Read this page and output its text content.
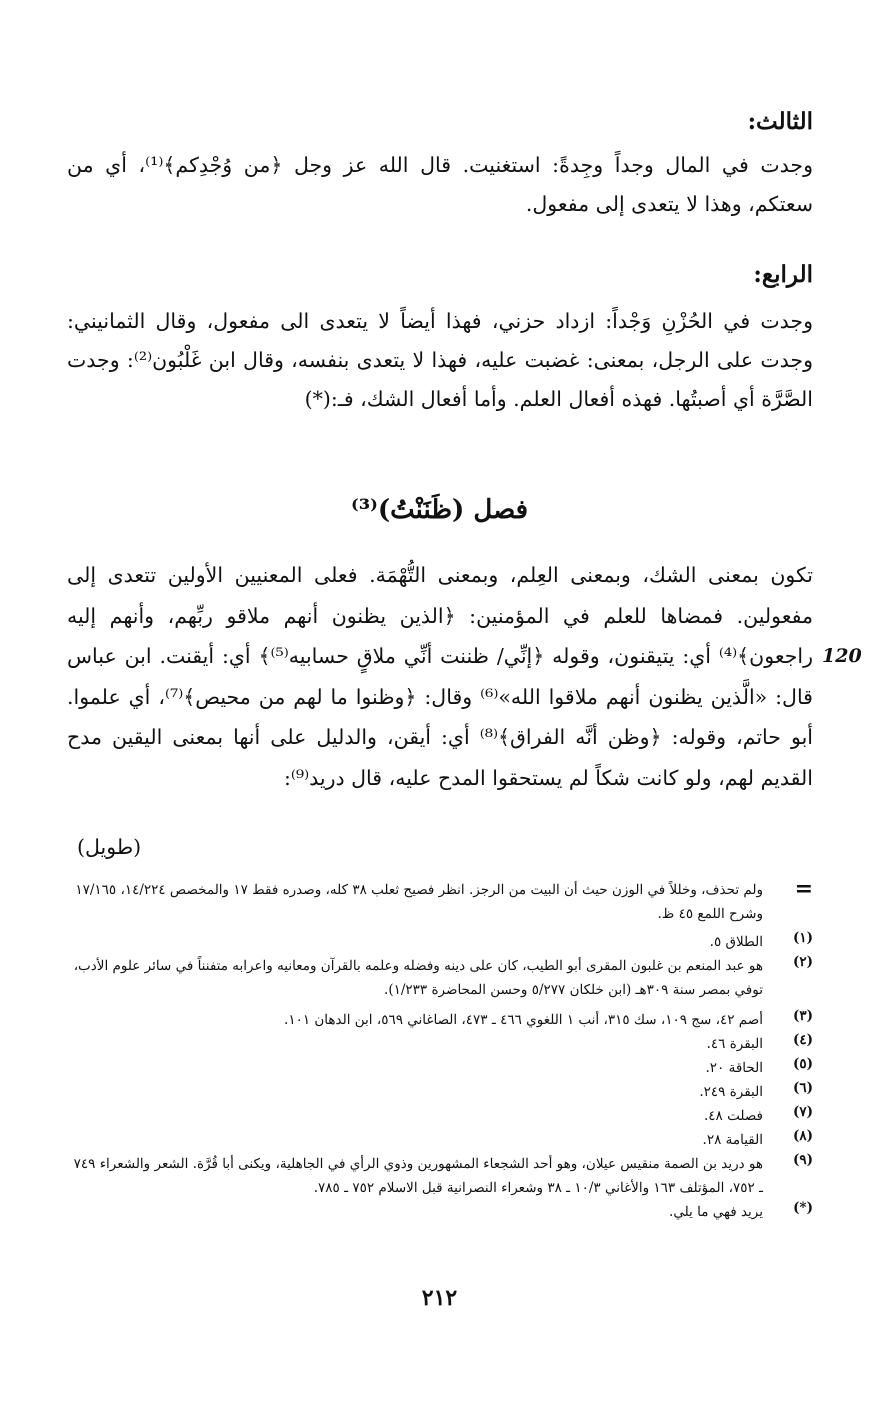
الثالث:
وجدت في المال وجداً وجِدةً: استغنيت. قال الله عز وجل ﴿من وُجْدِكم﴾⁽¹⁾، أي من سعتكم، وهذا لا يتعدى إلى مفعول.
الرابع:
وجدت في الحُزْنِ وَجْداً: ازداد حزني، فهذا أيضاً لا يتعدى الى مفعول، وقال الثمانيني: وجدت على الرجل، بمعنى: غضبت عليه، فهذا لا يتعدى بنفسه، وقال ابن غَلْبُون⁽²⁾: وجدت الصَّرَّة أي أصبتُها. فهذه أفعال العلم. وأما أفعال الشك، فـ:(*)
فصل (ظَنَنْتُ)⁽³⁾
تكون بمعنى الشك، وبمعنى العِلم، وبمعنى التُّهْمَة. فعلى المعنيين الأولين تتعدى إلى مفعولين. فمضاها للعلم في المؤمنين: ﴿الذين يظنون أنهم ملاقو ربِّهم، وأنهم إليه راجعون﴾⁽⁴⁾ أي: يتيقنون، وقوله ﴿إنِّي/ ظننت أنِّي ملاقٍ حسابيه⁽⁵⁾﴾ أي: أيقنت. ابن عباس قال: «الَّذين يظنون أنهم ملاقوا الله»⁽⁶⁾ وقال: ﴿وظنوا ما لهم من محيص﴾⁽⁷⁾، أي علموا. أبو حاتم، وقوله: ﴿وظن أنَّه الفراق﴾⁽⁸⁾ أي: أيقن، والدليل على أنها بمعنى اليقين مدح القديم لهم، ولو كانت شكاً لم يستحقوا المدح عليه، قال دريد⁽⁹⁾:
(طويل)
120
=
ولم تحذف، وخللاً في الوزن حيث أن البيت من الرجز. انظر فصيح ثعلب ٣٨ كله، وصدره فقط ١٧ والمخصص ١٤/٢٢٤، ١٧/١٦٥ وشرح اللمع ٤٥ ظ.
(١)
الطلاق ٥.
(٢)
هو عبد المنعم بن غلبون المقرى أبو الطيب، كان على دينه وفضله وعلمه بالقرآن ومعانيه واعرابه متفنناً في سائر علوم الأدب، توفي بمصر سنة ٣٠٩هـ (ابن خلكان ٥/٢٧٧ وحسن المحاضرة ١/٢٣٣).
(٣)
أصم ٤٢، سج ١٠٩، سك ٣١٥، أنب ١ اللغوي ٤٦٦ ـ ٤٧٣، الصاغاني ٥٦٩، ابن الدهان ١٠١.
(٤)
البقرة ٤٦.
(٥)
الحاقة ٢٠.
(٦)
البقرة ٢٤٩.
(٧)
فصلت ٤٨.
(٨)
القيامة ٢٨.
(٩)
هو دريد بن الصمة منقيس عيلان، وهو أحد الشجعاء المشهورين وذوي الرأي في الجاهلية، ويكنى أبا قُرَّة. الشعر والشعراء ٧٤٩ ـ ٧٥٢، المؤتلف ١٦٣ والأغاني ١٠/٣ ـ ٣٨ وشعراء النصرانية قبل الاسلام ٧٥٢ ـ ٧٨٥.
(*)
يريد فهي ما يلي.
٢١٢
